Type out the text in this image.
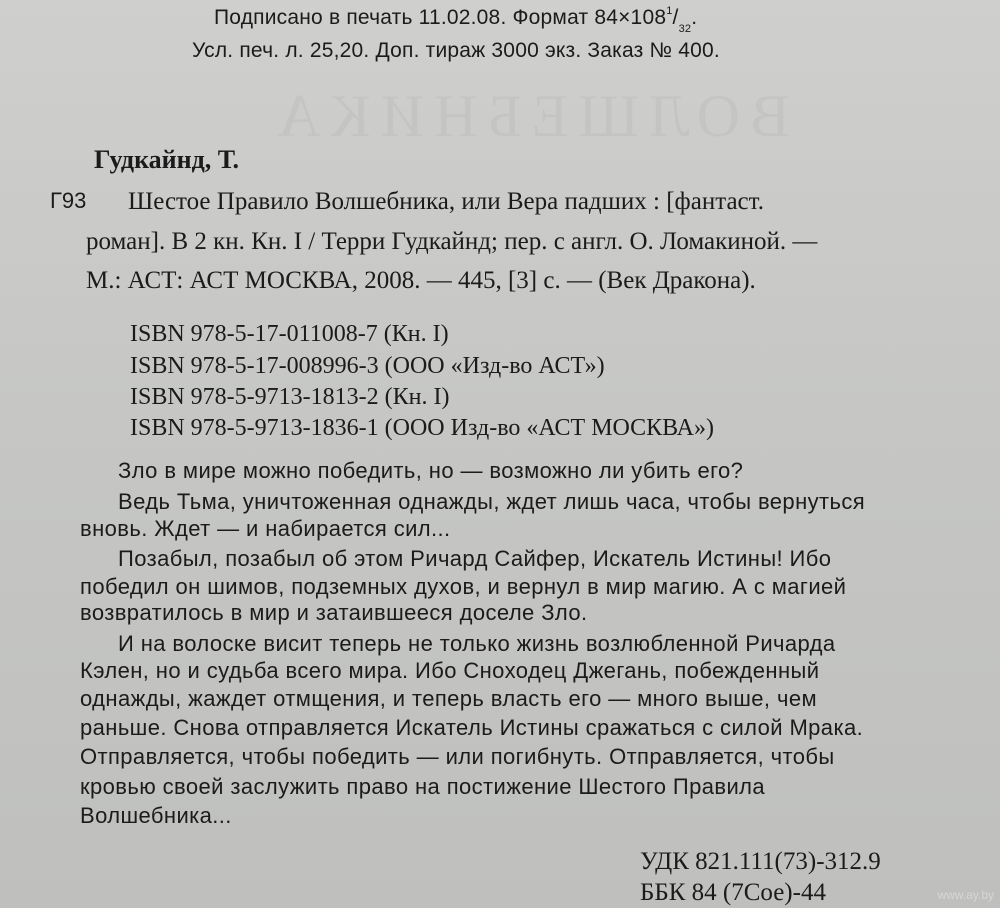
ВОЛШЕБНИКА
Подписано в печать 11.02.08. Формат $84\times 108^1/_{32}$.
Усл. печ. л. 25,20. Доп. тираж 3000 экз. Заказ № 400.
Гудкайнд, Т.
Г93 Шестое Правило Волшебника, или Вера падших : [фантаст.
роман]. В 2 кн. Кн. I / Терри Гудкайнд; пер. с англ. О. Ломакиной. —
М.: АСТ: АСТ МОСКВА, 2008. — 445, [3] с. — (Век Дракона).
ISBN 978-5-17-011008-7 (Кн. I)
ISBN 978-5-17-008996-3 (ООО «Изд-во АСТ»)
ISBN 978-5-9713-1813-2 (Кн. I)
ISBN 978-5-9713-1836-1 (ООО Изд-во «АСТ МОСКВА»)
Зло в мире можно победить, но — возможно ли убить его?
Ведь Тьма, уничтоженная однажды, ждет лишь часа, чтобы вернуться
вновь. Ждет — и набирается сил...
Позабыл, позабыл об этом Ричард Сайфер, Искатель Истины! Ибо
победил он шимов, подземных духов, и вернул в мир магию. А с магией
возвратилось в мир и затаившееся доселе Зло.
И на волоске висит теперь не только жизнь возлюбленной Ричарда
Кэлен, но и судьба всего мира. Ибо Сноходец Джегань, побежденный
однажды, жаждет отмщения, и теперь власть его — много выше, чем
раньше. Снова отправляется Искатель Истины сражаться с силой Мрака.
Отправляется, чтобы победить — или погибнуть. Отправляется, чтобы
кровью своей заслужить право на постижение Шестого Правила
Волшебника...
УДК 821.111(73)-312.9
ББК 84 (7Сое)-44	www.ay.by
